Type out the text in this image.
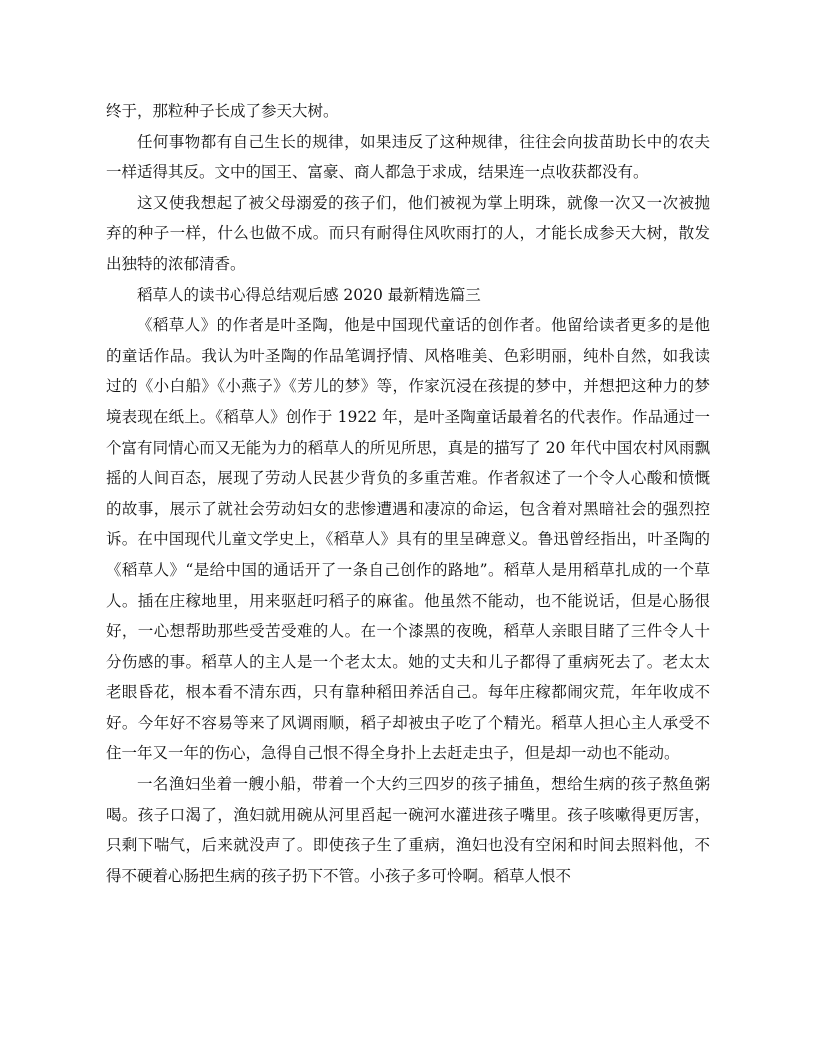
终于，那粒种子长成了参天大树。

任何事物都有自己生长的规律，如果违反了这种规律，往往会向拔苗助长中的农夫一样适得其反。文中的国王、富豪、商人都急于求成，结果连一点收获都没有。

这又使我想起了被父母溺爱的孩子们，他们被视为掌上明珠，就像一次又一次被抛弃的种子一样，什么也做不成。而只有耐得住风吹雨打的人，才能长成参天大树，散发出独特的浓郁清香。

稻草人的读书心得总结观后感 2020 最新精选篇三

《稻草人》的作者是叶圣陶，他是中国现代童话的创作者。他留给读者更多的是他的童话作品。我认为叶圣陶的作品笔调抒情、风格唯美、色彩明丽，纯朴自然，如我读过的《小白船》《小燕子》《芳儿的梦》等，作家沉浸在孩提的梦中，并想把这种力的梦境表现在纸上。《稻草人》创作于 1922 年，是叶圣陶童话最着名的代表作。作品通过一个富有同情心而又无能为力的稻草人的所见所思，真是的描写了 20 年代中国农村风雨飘摇的人间百态，展现了劳动人民甚少背负的多重苦难。作者叙述了一个令人心酸和愤慨的故事，展示了就社会劳动妇女的悲惨遭遇和凄凉的命运，包含着对黑暗社会的强烈控诉。在中国现代儿童文学史上，《稻草人》具有的里呈碑意义。鲁迅曾经指出，叶圣陶的《稻草人》“是给中国的通话开了一条自己创作的路地”。稻草人是用稻草扎成的一个草人。插在庄稼地里，用来驱赶叼稻子的麻雀。他虽然不能动，也不能说话，但是心肠很好，一心想帮助那些受苦受难的人。在一个漆黑的夜晚，稻草人亲眼目睹了三件令人十分伤感的事。稻草人的主人是一个老太太。她的丈夫和儿子都得了重病死去了。老太太老眼昏花，根本看不清东西，只有靠种稻田养活自己。每年庄稼都闹灾荒，年年收成不好。今年好不容易等来了风调雨顺，稻子却被虫子吃了个精光。稻草人担心主人承受不住一年又一年的伤心，急得自己恨不得全身扑上去赶走虫子，但是却一动也不能动。

一名渔妇坐着一艘小船，带着一个大约三四岁的孩子捕鱼，想给生病的孩子熬鱼粥喝。孩子口渴了，渔妇就用碗从河里舀起一碗河水灌进孩子嘴里。孩子咳嗽得更厉害，只剩下喘气，后来就没声了。即使孩子生了重病，渔妇也没有空闲和时间去照料他，不得不硬着心肠把生病的孩子扔下不管。小孩子多可怜啊。稻草人恨不
